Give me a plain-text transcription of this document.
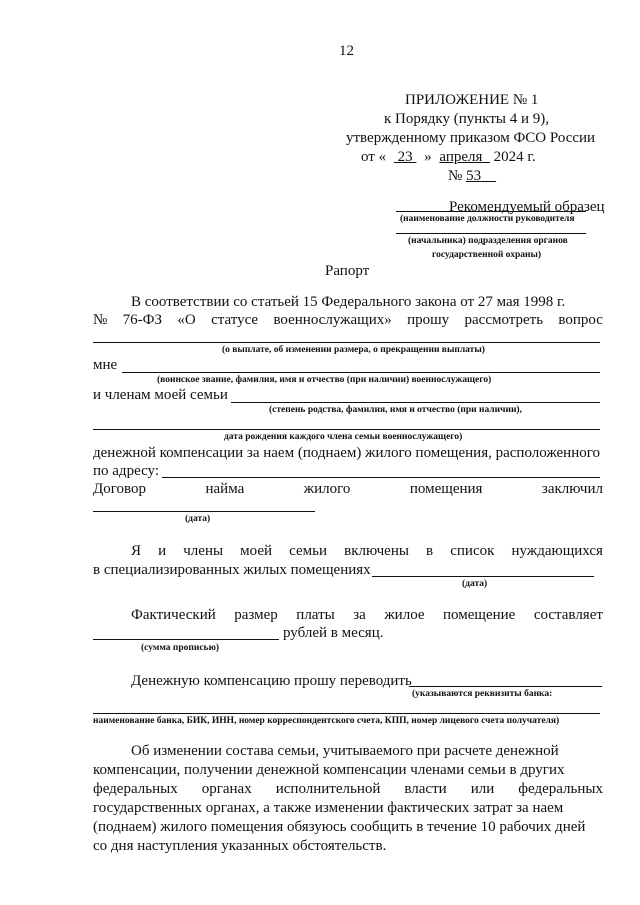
12
ПРИЛОЖЕНИЕ № 1
к Порядку (пункты 4 и 9),
утвержденному приказом ФСО России
от « 23 » апреля 2024 г.
№ 53
Рекомендуемый образец
(наименование должности руководителя
(начальника) подразделения органов
государственной охраны)
Рапорт
В соответствии со статьей 15 Федерального закона от 27 мая 1998 г.
№ 76-ФЗ «О статусе военнослужащих» прошу рассмотреть вопрос
(о выплате, об изменении размера, о прекращении выплаты)
мне
(воинское звание, фамилия, имя и отчество (при наличии) военнослужащего)
и членам моей семьи
(степень родства, фамилия, имя и отчество (при наличии),
дата рождения каждого члена семьи военнослужащего)
денежной компенсации за наем (поднаем) жилого помещения, расположенного
по адресу:
Договор	найма	жилого	помещения	заключил
(дата)
Я и члены моей семьи включены в список нуждающихся
в специализированных жилых помещениях
(дата)
Фактический размер платы за жилое помещение составляет
рублей в месяц.
(сумма прописью)
Денежную компенсацию прошу переводить
(указываются реквизиты банка:
наименование банка, БИК, ИНН, номер корреспондентского счета, КПП, номер лицевого счета получателя)
Об изменении состава семьи, учитываемого при расчете денежной
компенсации, получении денежной компенсации членами семьи в других
федеральных органах исполнительной власти или федеральных
государственных органах, а также изменении фактических затрат за наем
(поднаем) жилого помещения обязуюсь сообщить в течение 10 рабочих дней
со дня наступления указанных обстоятельств.
